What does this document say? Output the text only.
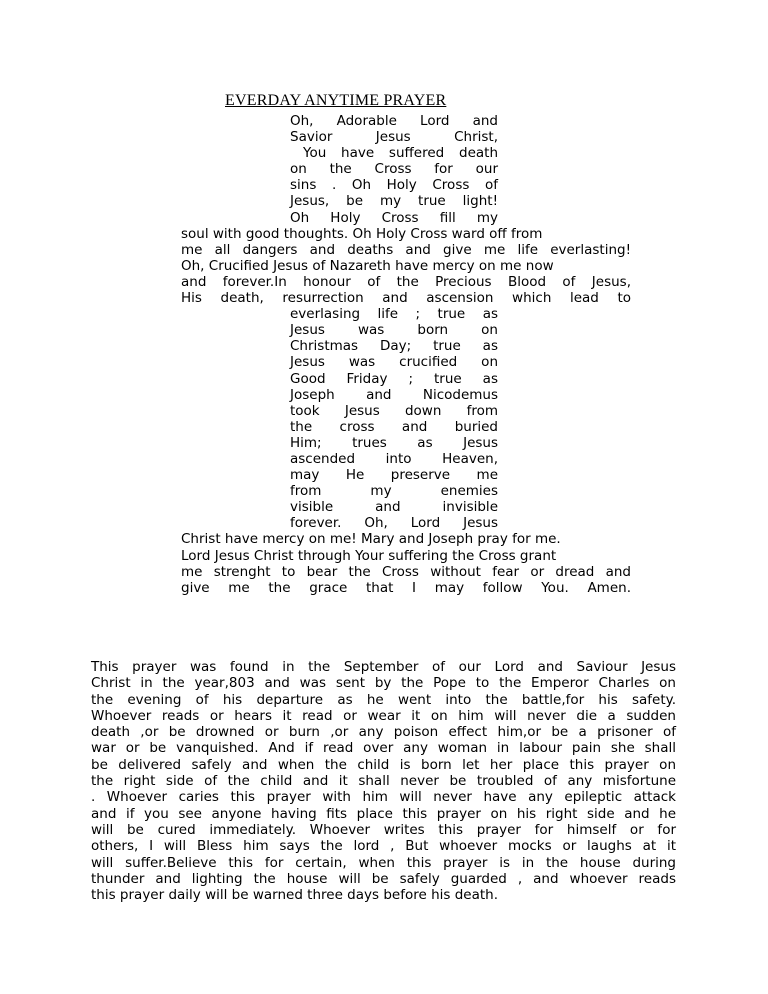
EVERDAY ANYTIME PRAYER
Oh, Adorable Lord and
Savior Jesus Christ,
You have suffered death
on the Cross for our
sins . Oh Holy Cross of
Jesus, be my true light!
Oh Holy Cross fill my
soul with good thoughts. Oh Holy Cross ward off from
me all dangers and deaths and give me life everlasting!
Oh, Crucified Jesus of Nazareth have mercy on me now
and forever.In honour of the Precious Blood of Jesus,
His death, resurrection and ascension which lead to
everlasing life ; true as
Jesus was born on
Christmas Day; true as
Jesus was crucified on
Good Friday ; true as
Joseph and Nicodemus
took Jesus down from
the cross and buried
Him; trues as Jesus
ascended into Heaven,
may He preserve me
from my enemies
visible and invisible
forever. Oh, Lord Jesus
Christ have mercy on me! Mary and Joseph pray for me.
Lord Jesus Christ through Your suffering the Cross grant
me strenght to bear the Cross without fear or dread and
give me the grace that I may follow You. Amen.
This prayer was found in the September of our Lord and Saviour Jesus
Christ in the year,803 and was sent by the Pope to the Emperor Charles on
the evening of his departure as he went into the battle,for his safety.
Whoever reads or hears it read or wear it on him will never die a sudden
death ,or be drowned or burn ,or any poison effect him,or be a prisoner of
war or be vanquished. And if read over any woman in labour pain she shall
be delivered safely and when the child is born let her place this prayer on
the right side of the child and it shall never be troubled of any misfortune
. Whoever caries this prayer with him will never have any epileptic attack
and if you see anyone having fits place this prayer on his right side and he
will be cured immediately. Whoever writes this prayer for himself or for
others, I will Bless him says the lord , But whoever mocks or laughs at it
will suffer.Believe this for certain, when this prayer is in the house during
thunder and lighting the house will be safely guarded , and whoever reads
this prayer daily will be warned three days before his death.
